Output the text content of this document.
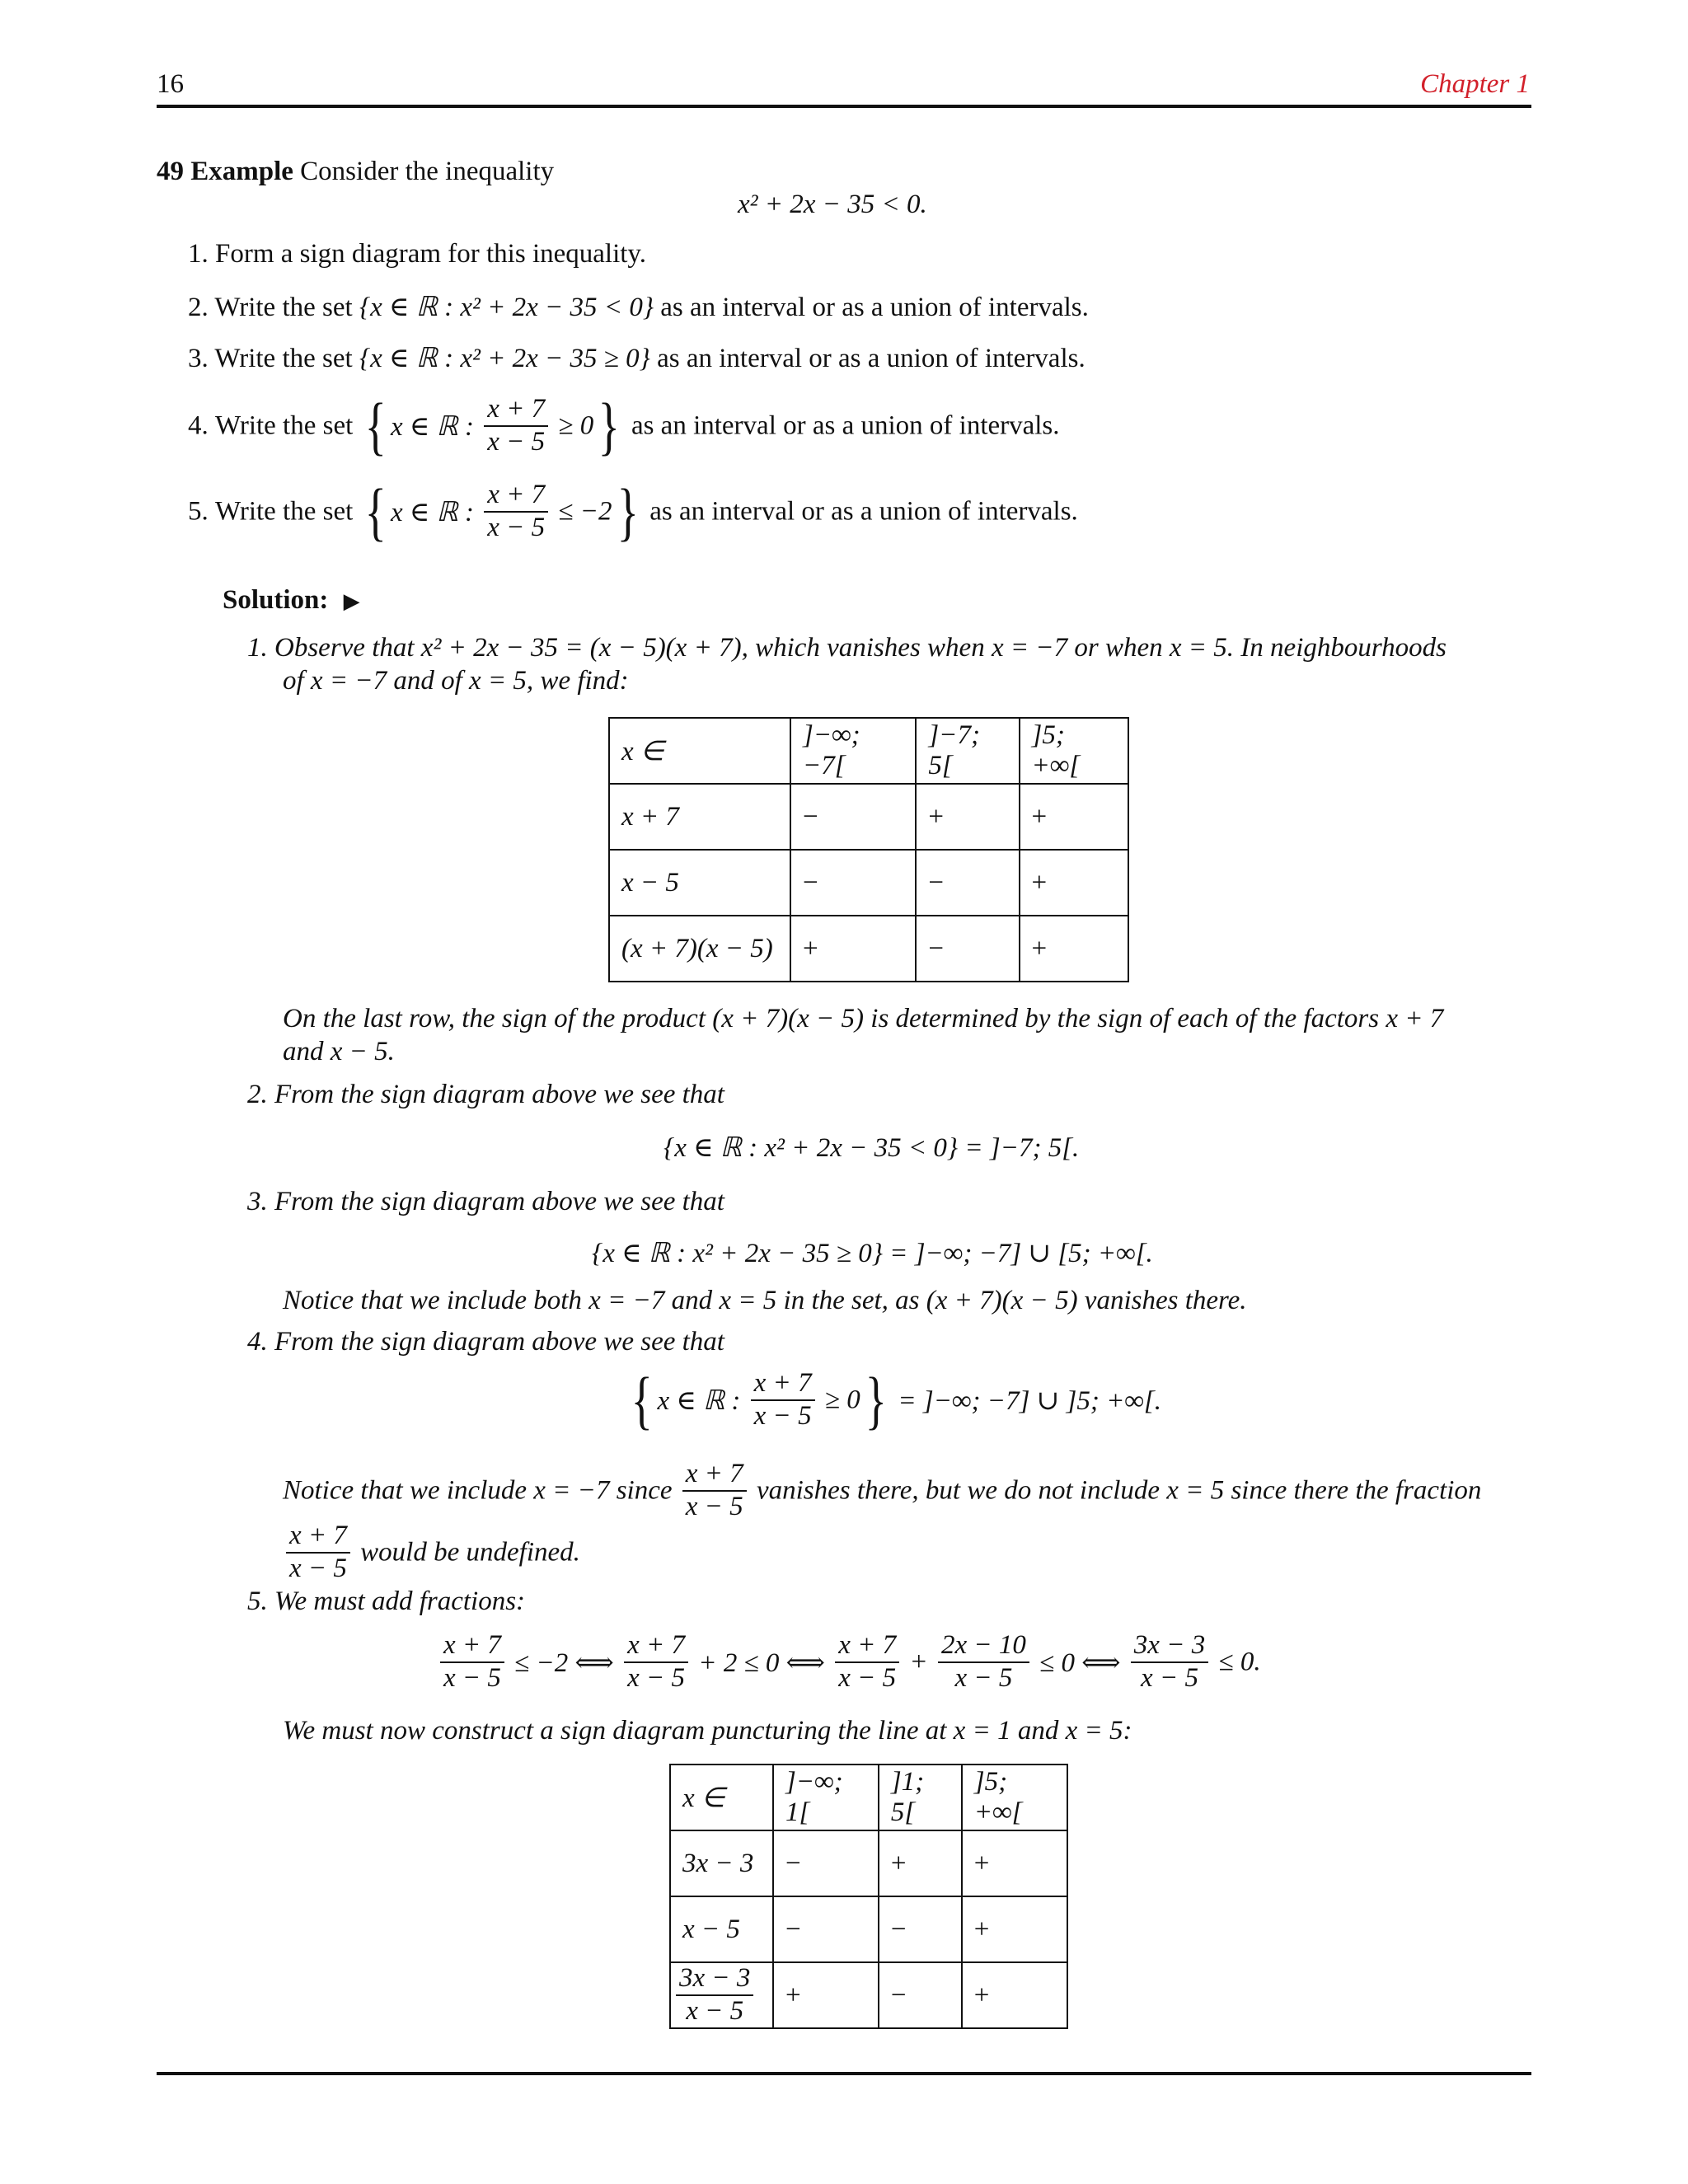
16	Chapter 1
49 Example Consider the inequality
x² + 2x − 35 < 0.
1. Form a sign diagram for this inequality.
2. Write the set {x ∈ ℝ : x² + 2x − 35 < 0} as an interval or as a union of intervals.
3. Write the set {x ∈ ℝ : x² + 2x − 35 ≥ 0} as an interval or as a union of intervals.
4. Write the set { x ∈ ℝ : $\frac{x + 7}{x - 5} \ge 0$} as an interval or as a union of intervals.
5. Write the set { x ∈ ℝ : $\frac{x + 7}{x - 5} \le -2$} as an interval or as a union of intervals.
Solution: ▶
1. Observe that x² + 2x − 35 = (x − 5)(x + 7), which vanishes when x = −7 or when x = 5. In neighbourhoods
of x = −7 and of x = 5, we find:
x ∈	]−∞; −7[	]−7; 5[	]5; +∞[
x + 7	−	+	+
x − 5	−	−	+
(x + 7)(x − 5)	+	−	+
On the last row, the sign of the product (x + 7)(x − 5) is determined by the sign of each of the factors x + 7
and x − 5.
2. From the sign diagram above we see that
{x ∈ ℝ : x² + 2x − 35 < 0} = ]−7; 5[.
3. From the sign diagram above we see that
{x ∈ ℝ : x² + 2x − 35 ≥ 0} = ]−∞; −7] ∪ [5; +∞[.
Notice that we include both x = −7 and x = 5 in the set, as (x + 7)(x − 5) vanishes there.
4. From the sign diagram above we see that
{ x ∈ ℝ : $\frac{x + 7}{x - 5} \ge 0$} = ]−∞; −7] ∪ ]5; +∞[.
Notice that we include x = −7 since $\frac{x + 7}{x - 5}$ vanishes there, but we do not include x = 5 since there the fraction
$\frac{x + 7}{x - 5}$ would be undefined.
5. We must add fractions:
$\frac{x + 7}{x - 5} \le -2$ ⟺ $\frac{x + 7}{x - 5} + 2 \le 0$ ⟺ $\frac{x + 7}{x - 5} + \frac{2x - 10}{x - 5} \le 0$ ⟺ $\frac{3x - 3}{x - 5} \le 0$.
We must now construct a sign diagram puncturing the line at x = 1 and x = 5:
x ∈	]−∞; 1[	]1; 5[	]5; +∞[
3x − 3	−	+	+
x − 5	−	−	+

$\frac{3x - 3}{x - 5}$	+	−	+
